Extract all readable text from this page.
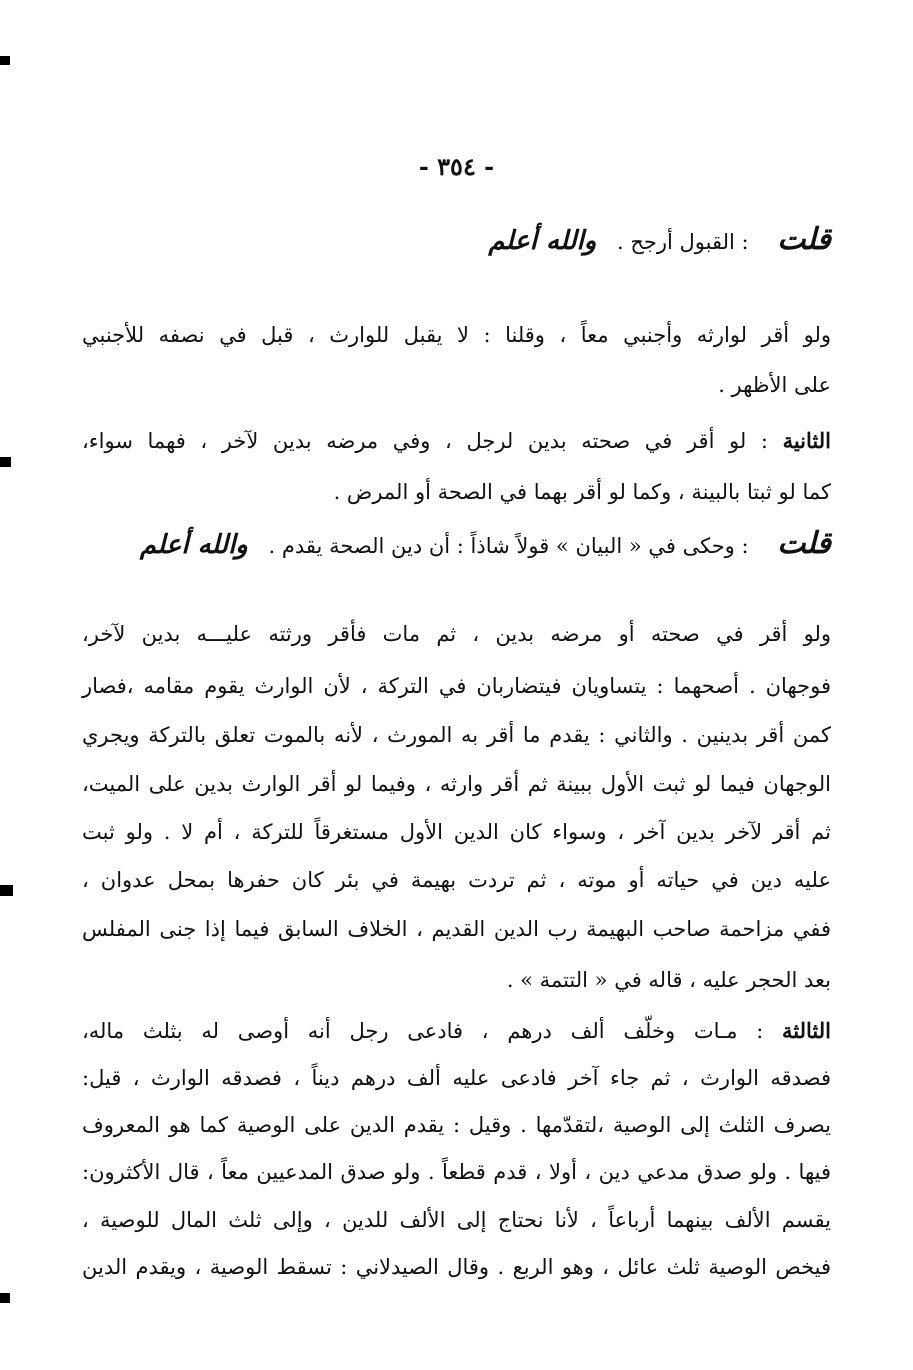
- ٣٥٤ -
قلت : القبول أرجح . والله أعلم
ولو أقر لوارثه وأجنبي معاً ، وقلنا : لا يقبل للوارث ، قبل في نصفه للأجنبي
على الأظهر .
الثانية : لو أقر في صحته بدين لرجل ، وفي مرضه بدين لآخر ، فهما سواء،
كما لو ثبتا بالبينة ، وكما لو أقر بهما في الصحة أو المرض .
قلت : وحكى في « البيان » قولاً شاذاً : أن دين الصحة يقدم . والله أعلم
ولو أقر في صحته أو مرضه بدين ، ثم مات فأقر ورثته عليـــه بدين لآخر،
فوجهان . أصحهما : يتساويان فيتضاربان في التركة ، لأن الوارث يقوم مقامه ،فصار
كمن أقر بدينين . والثاني : يقدم ما أقر به المورث ، لأنه بالموت تعلق بالتركة ويجري
الوجهان فيما لو ثبت الأول ببينة ثم أقر وارثه ، وفيما لو أقر الوارث بدين على الميت،
ثم أقر لآخر بدين آخر ، وسواء كان الدين الأول مستغرقاً للتركة ، أم لا . ولو ثبت
عليه دين في حياته أو موته ، ثم تردت بهيمة في بئر كان حفرها بمحل عدوان ،
ففي مزاحمة صاحب البهيمة رب الدين القديم ، الخلاف السابق فيما إذا جنى المفلس
بعد الحجر عليه ، قاله في « التتمة » .
الثالثة : مـات وخلّف ألف درهم ، فادعى رجل أنه أوصى له بثلث ماله،
فصدقه الوارث ، ثم جاء آخر فادعى عليه ألف درهم ديناً ، فصدقه الوارث ، قيل:
يصرف الثلث إلى الوصية ،لتقدّمها . وقيل : يقدم الدين على الوصية كما هو المعروف
فيها . ولو صدق مدعي دين ، أولا ، قدم قطعاً . ولو صدق المدعيين معاً ، قال الأكثرون:
يقسم الألف بينهما أرباعاً ، لأنا نحتاج إلى الألف للدين ، وإلى ثلث المال للوصية ،
فيخص الوصية ثلث عائل ، وهو الربع . وقال الصيدلاني : تسقط الوصية ، ويقدم الدين
